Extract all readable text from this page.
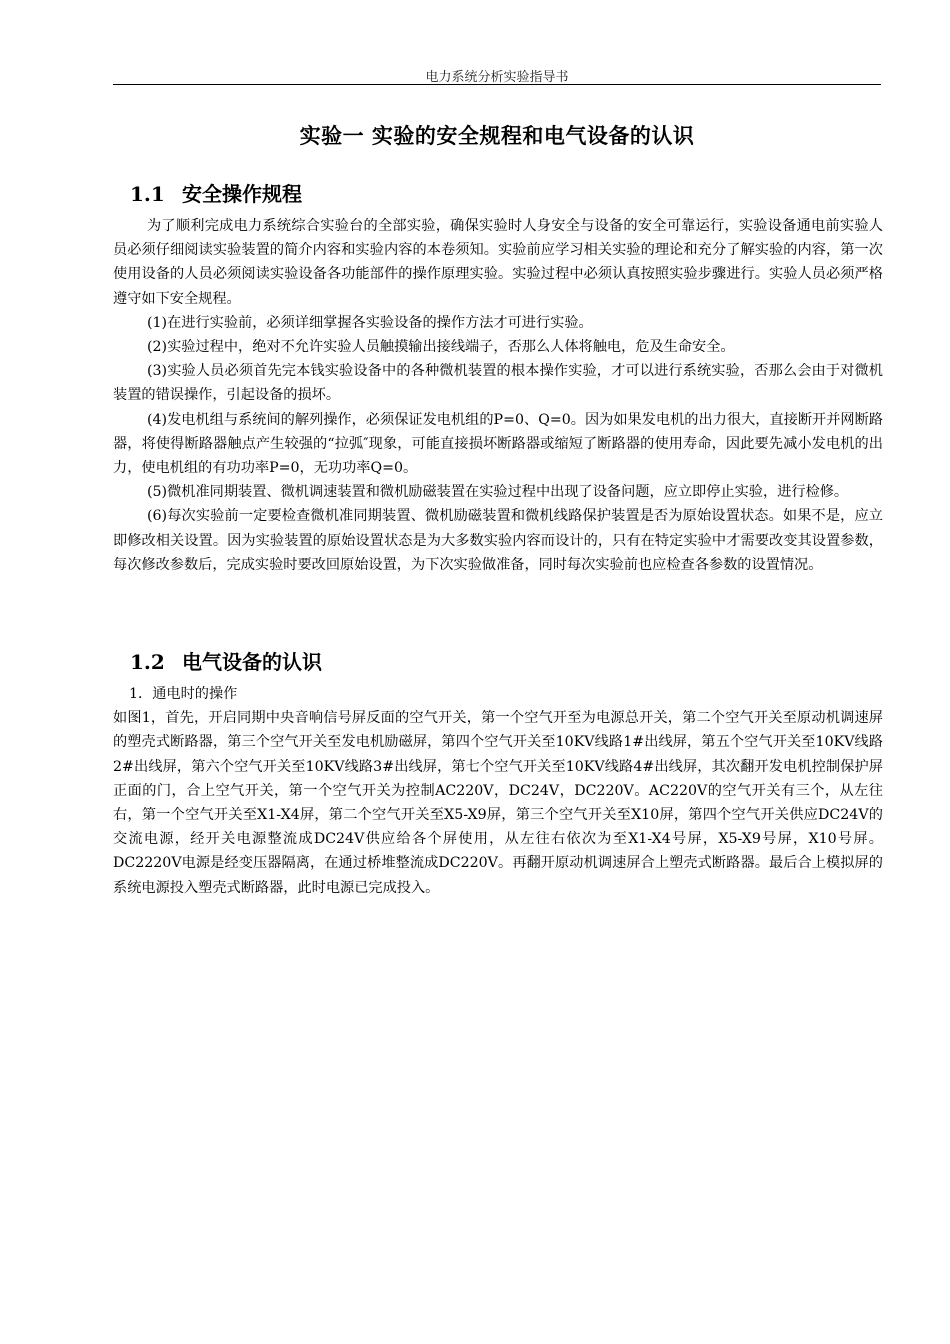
电力系统分析实验指导书
实验一 实验的安全规程和电气设备的认识
1.1 安全操作规程

为了顺利完成电力系统综合实验台的全部实验，确保实验时人身安全与设备的安全可靠运行，实验设备通电前实验人员必须仔细阅读实验装置的简介内容和实验内容的本卷须知。实验前应学习相关实验的理论和充分了解实验的内容，第一次使用设备的人员必须阅读实验设备各功能部件的操作原理实验。实验过程中必须认真按照实验步骤进行。实验人员必须严格遵守如下安全规程。

(1)在进行实验前，必须详细掌握各实验设备的操作方法才可进行实验。

(2)实验过程中，绝对不允许实验人员触摸输出接线端子，否那么人体将触电，危及生命安全。

(3)实验人员必须首先完本钱实验设备中的各种微机装置的根本操作实验，才可以进行系统实验，否那么会由于对微机装置的错误操作，引起设备的损坏。

(4)发电机组与系统间的解列操作，必须保证发电机组的P=0、Q=0。因为如果发电机的出力很大，直接断开并网断路器，将使得断路器触点产生较强的“拉弧″现象，可能直接损坏断路器或缩短了断路器的使用寿命，因此要先减小发电机的出力，使电机组的有功功率P=0，无功功率Q=0。

(5)微机准同期装置、微机调速装置和微机励磁装置在实验过程中出现了设备问题，应立即停止实验，进行检修。

(6)每次实验前一定要检查微机准同期装置、微机励磁装置和微机线路保护装置是否为原始设置状态。如果不是，应立即修改相关设置。因为实验装置的原始设置状态是为大多数实验内容而设计的，只有在特定实验中才需要改变其设置参数，每次修改参数后，完成实验时要改回原始设置，为下次实验做准备，同时每次实验前也应检查各参数的设置情况。

1.2 电气设备的认识

1．通电时的操作

如图1，首先，开启同期中央音响信号屏反面的空气开关，第一个空气开至为电源总开关，第二个空气开关至原动机调速屏的塑壳式断路器，第三个空气开关至发电机励磁屏，第四个空气开关至10KV线路1#出线屏，第五个空气开关至10KV线路2#出线屏，第六个空气开关至10KV线路3#出线屏，第七个空气开关至10KV线路4#出线屏，其次翻开发电机控制保护屏正面的门，合上空气开关，第一个空气开关为控制AC220V，DC24V，DC220V。AC220V的空气开关有三个，从左往右，第一个空气开关至X1-X4屏，第二个空气开关至X5-X9屏，第三个空气开关至X10屏，第四个空气开关供应DC24V的交流电源，经开关电源整流成DC24V供应给各个屏使用，从左往右依次为至X1-X4号屏，X5-X9号屏，X10号屏。DC2220V电源是经变压器隔离，在通过桥堆整流成DC220V。再翻开原动机调速屏合上塑壳式断路器。最后合上模拟屏的系统电源投入塑壳式断路器，此时电源已完成投入。
